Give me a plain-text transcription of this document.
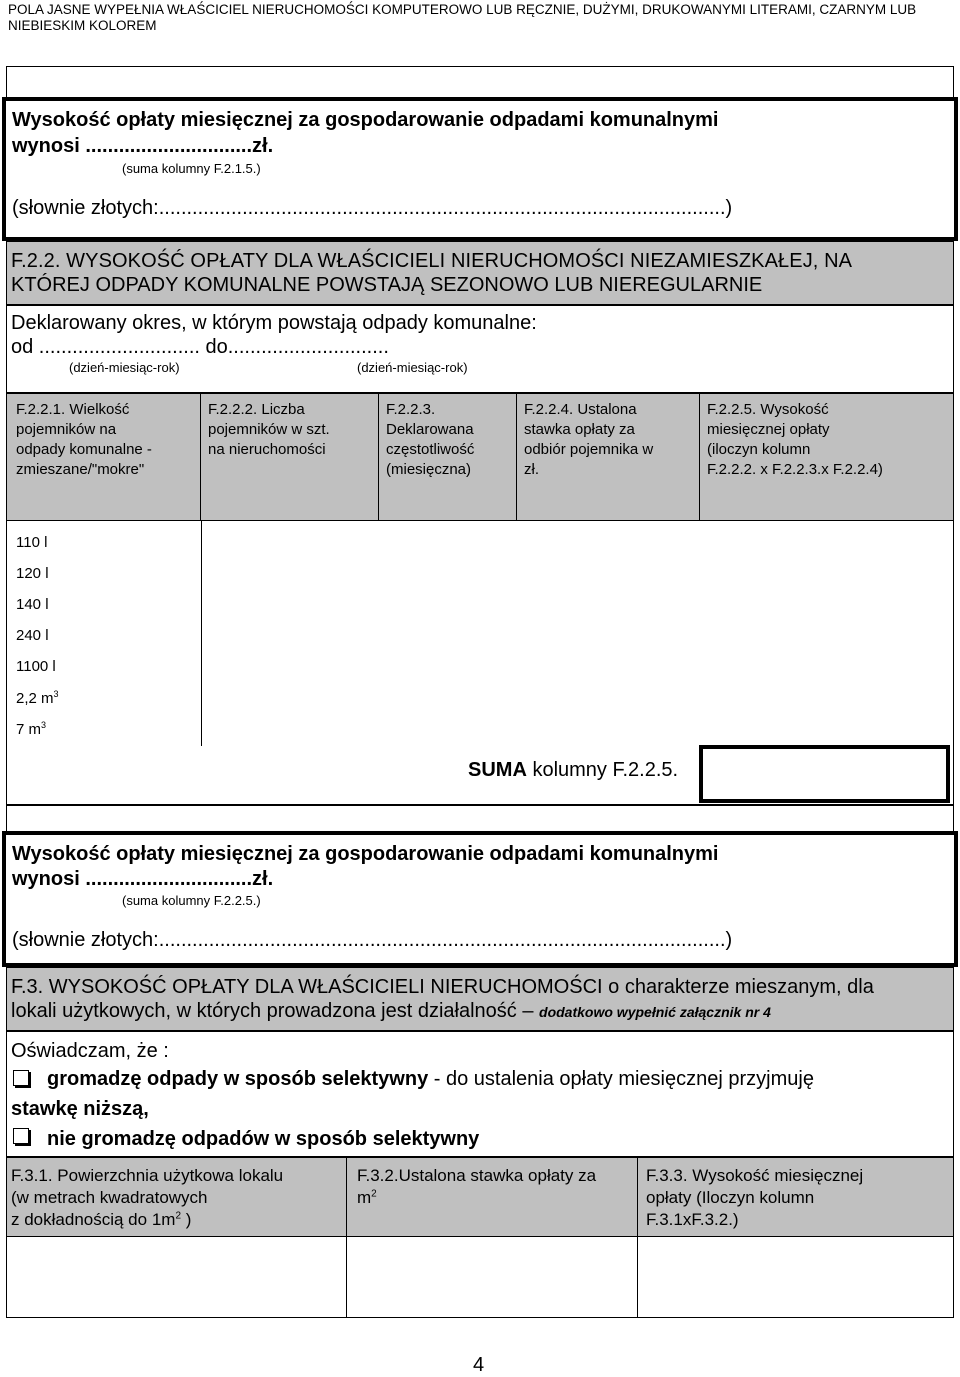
POLA JASNE WYPEŁNIA WŁAŚCICIEL NIERUCHOMOŚCI KOMPUTEROWO LUB RĘCZNIE, DUŻYMI, DRUKOWANYMI LITERAMI, CZARNYM LUB NIEBIESKIM KOLOREM
Wysokość opłaty miesięcznej za gospodarowanie odpadami komunalnymi
wynosi ..............................zł.
(suma kolumny F.2.1.5.)
(słownie złotych:......................................................................................................)
F.2.2. WYSOKOŚĆ OPŁATY DLA WŁAŚCICIELI NIERUCHOMOŚCI NIEZAMIESZKAŁEJ, NA
KTÓREJ ODPADY KOMUNALNE POWSTAJĄ SEZONOWO LUB NIEREGULARNIE
Deklarowany okres, w którym powstają odpady komunalne:
od ............................. do.............................
(dzień-miesiąc-rok)	(dzień-miesiąc-rok)
F.2.2.1. Wielkość
pojemników na
odpady komunalne -
zmieszane/"mokre"
F.2.2.2. Liczba
pojemników w szt.
na nieruchomości
F.2.2.3.
Deklarowana
częstotliwość
(miesięczna)
F.2.2.4. Ustalona
stawka opłaty za
odbiór pojemnika w
zł.
F.2.2.5. Wysokość
miesięcznej opłaty
(iloczyn kolumn
F.2.2.2. x F.2.2.3.x F.2.2.4)
110 l
120 l
140 l
240 l
1100 l
2,2 $m^3$
7 $m^3$
SUMA kolumny F.2.2.5.
Wysokość opłaty miesięcznej za gospodarowanie odpadami komunalnymi
wynosi ..............................zł.
(suma kolumny F.2.2.5.)
(słownie złotych:......................................................................................................)
F.3. WYSOKOŚĆ OPŁATY DLA WŁAŚCICIELI NIERUCHOMOŚCI o charakterze mieszanym, dla
lokali użytkowych, w których prowadzona jest działalność – dodatkowo wypełnić załącznik nr 4
Oświadczam, że :
gromadzę odpady w sposób selektywny - do ustalenia opłaty miesięcznej przyjmuję
stawkę niższą,
nie gromadzę odpadów w sposób selektywny
F.3.1. Powierzchnia użytkowa lokalu
(w metrach kwadratowych
z dokładnością do $1m^2$ )
F.3.2.Ustalona stawka opłaty za
$m^2$
F.3.3. Wysokość miesięcznej
opłaty (Iloczyn kolumn
F.3.1xF.3.2.)
4
